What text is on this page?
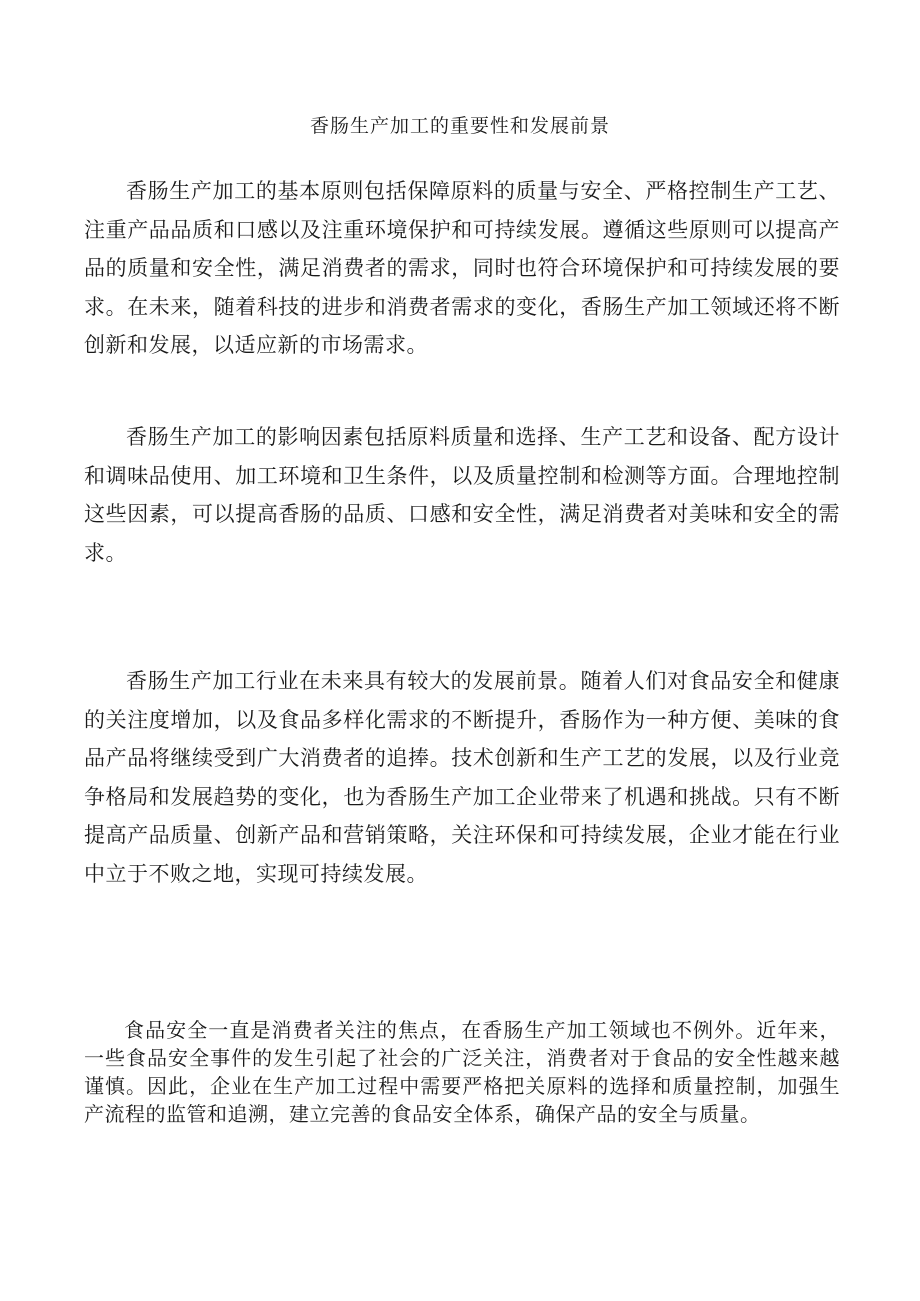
香肠生产加工的重要性和发展前景

香肠生产加工的基本原则包括保障原料的质量与安全、严格控制生产工艺、注重产品品质和口感以及注重环境保护和可持续发展。遵循这些原则可以提高产品的质量和安全性，满足消费者的需求，同时也符合环境保护和可持续发展的要求。在未来，随着科技的进步和消费者需求的变化，香肠生产加工领域还将不断创新和发展，以适应新的市场需求。

香肠生产加工的影响因素包括原料质量和选择、生产工艺和设备、配方设计和调味品使用、加工环境和卫生条件，以及质量控制和检测等方面。合理地控制这些因素，可以提高香肠的品质、口感和安全性，满足消费者对美味和安全的需求。

香肠生产加工行业在未来具有较大的发展前景。随着人们对食品安全和健康的关注度增加，以及食品多样化需求的不断提升，香肠作为一种方便、美味的食品产品将继续受到广大消费者的追捧。技术创新和生产工艺的发展，以及行业竞争格局和发展趋势的变化，也为香肠生产加工企业带来了机遇和挑战。只有不断提高产品质量、创新产品和营销策略，关注环保和可持续发展，企业才能在行业中立于不败之地，实现可持续发展。

食品安全一直是消费者关注的焦点，在香肠生产加工领域也不例外。近年来，一些食品安全事件的发生引起了社会的广泛关注，消费者对于食品的安全性越来越谨慎。因此，企业在生产加工过程中需要严格把关原料的选择和质量控制，加强生产流程的监管和追溯，建立完善的食品安全体系，确保产品的安全与质量。
